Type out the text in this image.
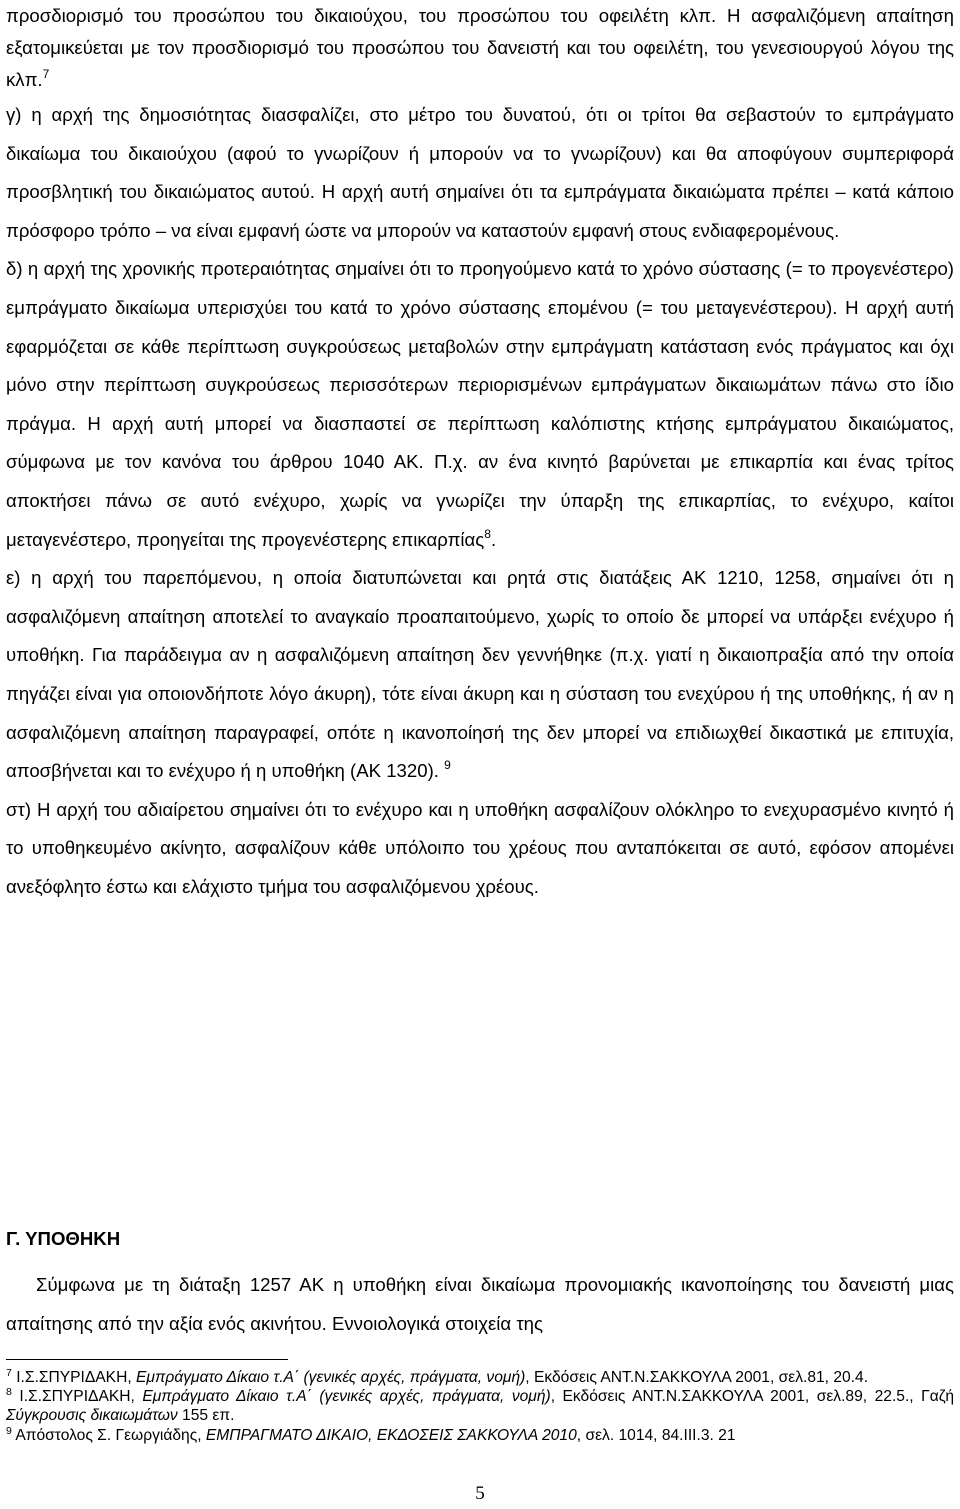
προσδιορισμό του προσώπου του δικαιούχου, του προσώπου του οφειλέτη κλπ. Η ασφαλιζόμενη απαίτηση εξατομικεύεται με τον προσδιορισμό του προσώπου του δανειστή και του οφειλέτη, του γενεσιουργού λόγου της κλπ.$^7$

γ) η αρχή της δημοσιότητας διασφαλίζει, στο μέτρο του δυνατού, ότι οι τρίτοι θα σεβαστούν το εμπράγματο δικαίωμα του δικαιούχου (αφού το γνωρίζουν ή μπορούν να το γνωρίζουν) και θα αποφύγουν συμπεριφορά προσβλητική του δικαιώματος αυτού. Η αρχή αυτή σημαίνει ότι τα εμπράγματα δικαιώματα πρέπει – κατά κάποιο πρόσφορο τρόπο – να είναι εμφανή ώστε να μπορούν να καταστούν εμφανή στους ενδιαφερομένους.

δ) η αρχή της χρονικής προτεραιότητας σημαίνει ότι το προηγούμενο κατά το χρόνο σύστασης (= το προγενέστερο) εμπράγματο δικαίωμα υπερισχύει του κατά το χρόνο σύστασης επομένου (= του μεταγενέστερου). Η αρχή αυτή εφαρμόζεται σε κάθε περίπτωση συγκρούσεως μεταβολών στην εμπράγματη κατάσταση ενός πράγματος και όχι μόνο στην περίπτωση συγκρούσεως περισσότερων περιορισμένων εμπράγματων δικαιωμάτων πάνω στο ίδιο πράγμα. Η αρχή αυτή μπορεί να διασπαστεί σε περίπτωση καλόπιστης κτήσης εμπράγματου δικαιώματος, σύμφωνα με τον κανόνα του άρθρου 1040 ΑΚ. Π.χ. αν ένα κινητό βαρύνεται με επικαρπία και ένας τρίτος αποκτήσει πάνω σε αυτό ενέχυρο, χωρίς να γνωρίζει την ύπαρξη της επικαρπίας, το ενέχυρο, καίτοι μεταγενέστερο, προηγείται της προγενέστερης επικαρπίας$^8$.

ε) η αρχή του παρεπόμενου, η οποία διατυπώνεται και ρητά στις διατάξεις ΑΚ 1210, 1258, σημαίνει ότι η ασφαλιζόμενη απαίτηση αποτελεί το αναγκαίο προαπαιτούμενο, χωρίς το οποίο δε μπορεί να υπάρξει ενέχυρο ή υποθήκη. Για παράδειγμα αν η ασφαλιζόμενη απαίτηση δεν γεννήθηκε (π.χ. γιατί η δικαιοπραξία από την οποία πηγάζει είναι για οποιονδήποτε λόγο άκυρη), τότε είναι άκυρη και η σύσταση του ενεχύρου ή της υποθήκης, ή αν η ασφαλιζόμενη απαίτηση παραγραφεί, οπότε η ικανοποίησή της δεν μπορεί να επιδιωχθεί δικαστικά με επιτυχία, αποσβήνεται και το ενέχυρο ή η υποθήκη (ΑΚ 1320). $^9$

στ) Η αρχή του αδιαίρετου σημαίνει ότι το ενέχυρο και η υποθήκη ασφαλίζουν ολόκληρο το ενεχυρασμένο κινητό ή το υποθηκευμένο ακίνητο, ασφαλίζουν κάθε υπόλοιπο του χρέους που ανταπόκειται σε αυτό, εφόσον απομένει ανεξόφλητο έστω και ελάχιστο τμήμα του ασφαλιζόμενου χρέους.

Γ. ΥΠΟΘΗΚΗ

Σύμφωνα με τη διάταξη 1257 ΑΚ η υποθήκη είναι δικαίωμα προνομιακής ικανοποίησης του δανειστή μιας απαίτησης από την αξία ενός ακινήτου. Εννοιολογικά στοιχεία της

$^7$ Ι.Σ.ΣΠΥΡΙΔΑΚΗ, Εμπράγματο Δίκαιο τ.Α΄ (γενικές αρχές, πράγματα, νομή), Εκδόσεις ΑΝΤ.Ν.ΣΑΚΚΟΥΛΑ 2001, σελ.81, 20.4.

$^8$ Ι.Σ.ΣΠΥΡΙΔΑΚΗ, Εμπράγματο Δίκαιο τ.Α΄ (γενικές αρχές, πράγματα, νομή), Εκδόσεις ΑΝΤ.Ν.ΣΑΚΚΟΥΛΑ 2001, σελ.89, 22.5., Γαζή Σύγκρουσις δικαιωμάτων 155 επ.

$^9$ Απόστολος Σ. Γεωργιάδης, ΕΜΠΡΑΓΜΑΤΟ ΔΙΚΑΙΟ, ΕΚΔΟΣΕΙΣ ΣΑΚΚΟΥΛΑ 2010, σελ. 1014, 84.ΙΙΙ.3. 21

5
